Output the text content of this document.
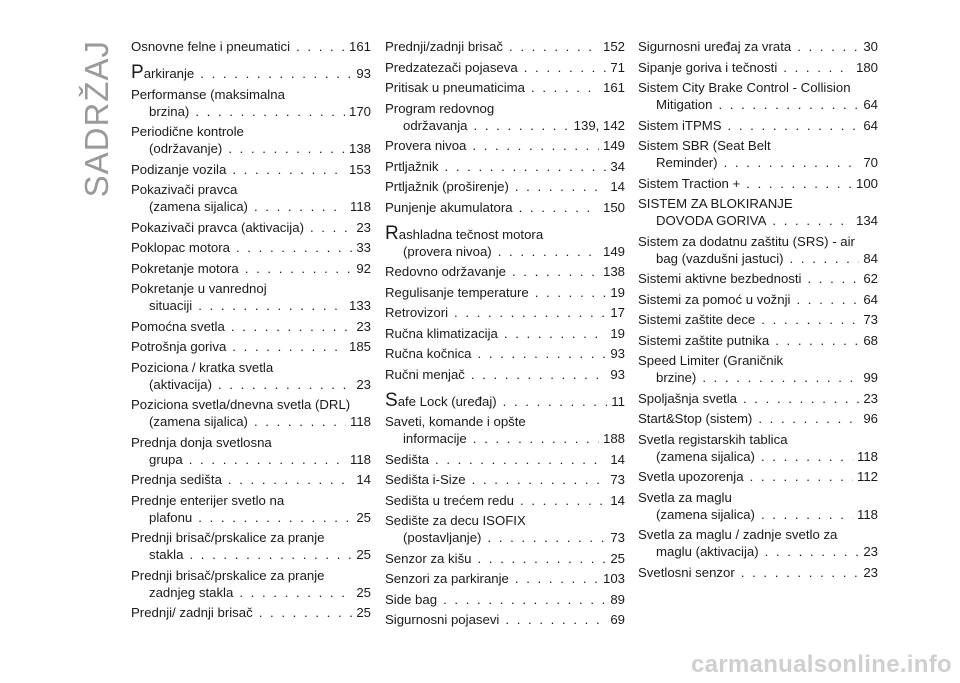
SADRŽAJ Osnovne felne i pneumatici . . .	161
Parkiranje . . .	93
Performanse (maksimalna
brzina) . . .	170
Periodične kontrole
(održavanje) . . .	138
Podizanje vozila . . .	153
Pokazivači pravca
(zamena sijalica) . . .	118
Pokazivači pravca (aktivacija) . . .	23
Poklopac motora . . .	33
Pokretanje motora . . .	92
Pokretanje u vanrednoj
situaciji . . .	133
Pomoćna svetla . . .	23
Potrošnja goriva . . .	185
Poziciona / kratka svetla
(aktivacija) . . .	23
Poziciona svetla/dnevna svetla (DRL)
(zamena sijalica) . . .	118
Prednja donja svetlosna
grupa . . .	118
Prednja sedišta . . .	14
Prednje enterijer svetlo na
plafonu . . .	25
Prednji brisač/prskalice za pranje
stakla . . .	25
Prednji brisač/prskalice za pranje
zadnjeg stakla . . .	25
Prednji/ zadnji brisač . . .	25
Prednji/zadnji brisač . . .	152
Predzatezači pojaseva . . .	71
Pritisak u pneumaticima . . .	161
Program redovnog
održavanja . . .	139, 142
Provera nivoa . . .	149
Prtljažnik . . .	34
Prtljažnik (proširenje) . . .	14
Punjenje akumulatora . . .	150
Rashladna tečnost motora
(provera nivoa) . . .	149
Redovno održavanje . . .	138
Regulisanje temperature . . .	19
Retrovizori . . .	17
Ručna klimatizacija . . .	19
Ručna kočnica . . .	93
Ručni menjač . . .	93
Safe Lock (uređaj) . . .	11
Saveti, komande i opšte
informacije . . .	188
Sedišta . . .	14
Sedišta i-Size . . .	73
Sedišta u trećem redu . . .	14
Sedište za decu ISOFIX
(postavljanje) . . .	73
Senzor za kišu . . .	25
Senzori za parkiranje . . .	103
Side bag . . .	89
Sigurnosni pojasevi . . .	69
Sigurnosni uređaj za vrata . . .	30
Sipanje goriva i tečnosti . . .	180
Sistem City Brake Control - Collision
Mitigation . . .	64
Sistem iTPMS . . .	64
Sistem SBR (Seat Belt
Reminder) . . .	70
Sistem Traction + . . .	100
SISTEM ZA BLOKIRANJE
DOVODA GORIVA . . .	134
Sistem za dodatnu zaštitu (SRS) - air
bag (vazdušni jastuci) . . .	84
Sistemi aktivne bezbednosti . . .	62
Sistemi za pomoć u vožnji . . .	64
Sistemi zaštite dece . . .	73
Sistemi zaštite putnika . . .	68
Speed Limiter (Graničnik
brzine) . . .	99
Spoljašnja svetla . . .	23
Start&Stop (sistem) . . .	96
Svetla registarskih tablica
(zamena sijalica) . . .	118
Svetla upozorenja . . .	112
Svetla za maglu
(zamena sijalica) . . .	118
Svetla za maglu / zadnje svetlo za
maglu (aktivacija) . . .	23
Svetlosni senzor . . .	23
carmanualsonline.info
